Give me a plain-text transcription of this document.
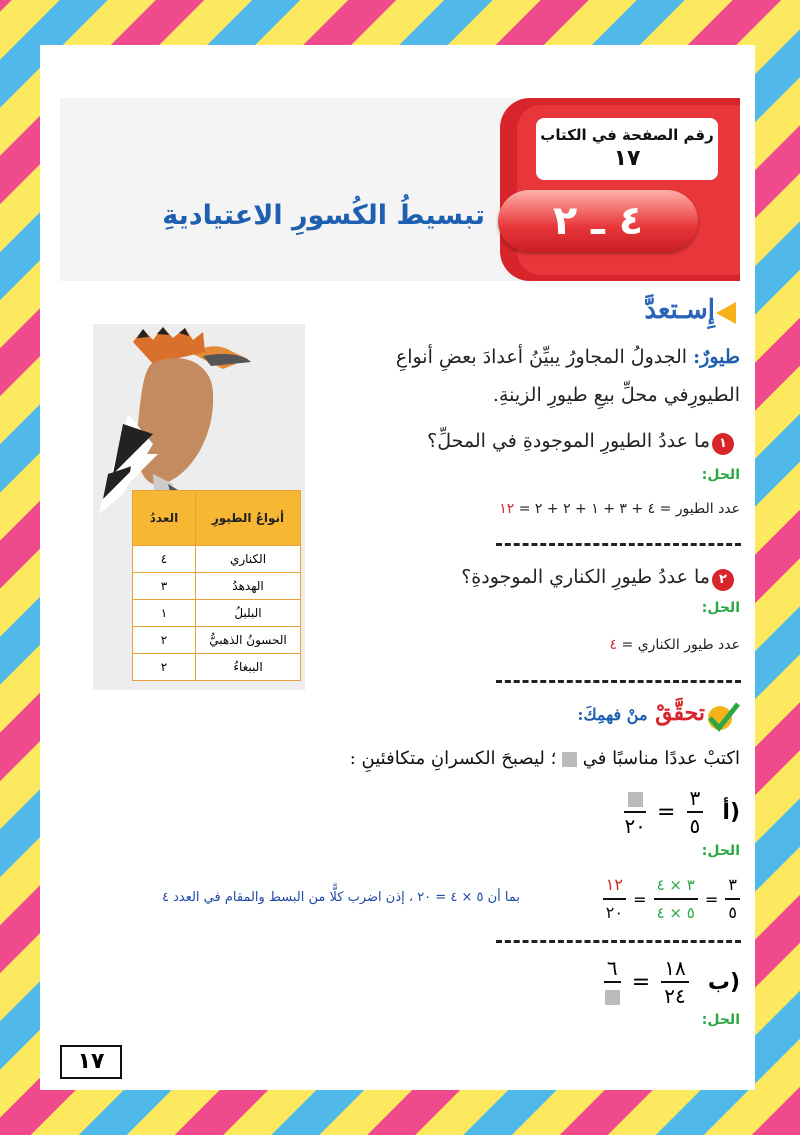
رقم الصفحة في الكتاب
١٧
٤ ـ ٢
تبسيطُ الكُسورِ الاعتياديةِ
إِسـتعدَّ
طيورٌ: الجدولُ المجاورُ يبيِّنُ أعدادَ بعضِ أنواعِ الطيورِفي محلِّ بيعِ طيورِ الزينةِ.
أنواعُ الطيورِ	العددُ
الكناري	٤
الهدهدُ	٣
البلبلُ	١
الحسونُ الذهبيُّ	٢
الببغاءُ	٢
١
ما عددُ الطيورِ الموجودةِ في المحلِّ؟
الحل:
عدد الطيور = ٤ + ٣ + ١ + ٢ + ٢ = ١٢
٢
ما عددُ طيورِ الكناري الموجودةِ؟
الحل:
عدد طيور الكناري = ٤
تحقَّقْ منْ فهمِكَ:
اكتبْ عددًا مناسبًا في  ؛ ليصبحَ الكسرانِ متكافئينِ :
٢٠
= $\frac{٣}{٥}$ أ)
الحل:
$\frac{١٢}{٢٠} = \frac{٣ \times ٤}{٥ \times ٤} = \frac{٣}{٥}$
بما أن ٥ × ٤ = ٢٠ ، إذن اضرب كلًّا من البسط والمقام في العدد ٤
٦
= $\frac{١٨}{٢٤}$ ب)
الحل:
١٧
